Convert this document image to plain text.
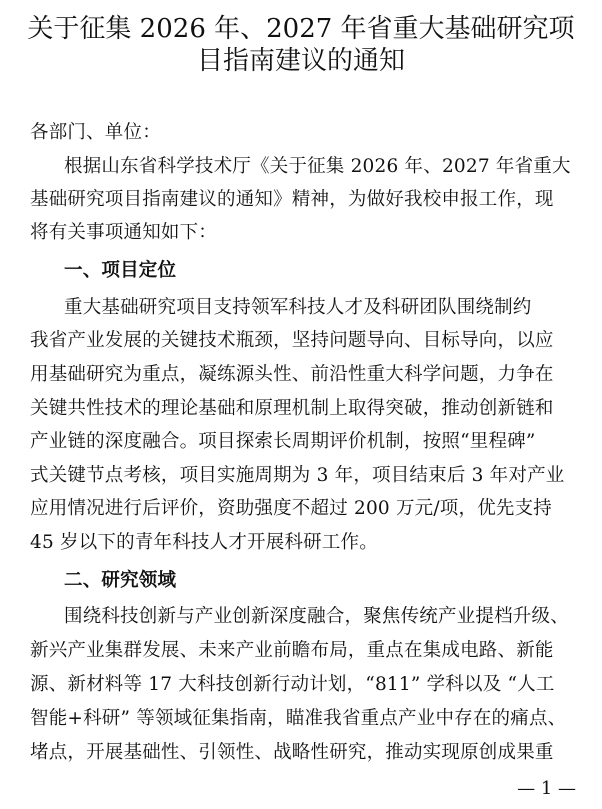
关于征集 2026 年、2027 年省重大基础研究项
目指南建议的通知

各部门、单位：

根据山东省科学技术厅《关于征集 2026 年、2027 年省重大

基础研究项目指南建议的通知》精神，为做好我校申报工作，现

将有关事项通知如下：

一、项目定位

重大基础研究项目支持领军科技人才及科研团队围绕制约

我省产业发展的关键技术瓶颈，坚持问题导向、目标导向，以应

用基础研究为重点，凝练源头性、前沿性重大科学问题，力争在

关键共性技术的理论基础和原理机制上取得突破，推动创新链和

产业链的深度融合。项目探索长周期评价机制，按照“里程碑”

式关键节点考核，项目实施周期为 3 年，项目结束后 3 年对产业

应用情况进行后评价，资助强度不超过 200 万元/项，优先支持

45 岁以下的青年科技人才开展科研工作。

二、研究领域

围绕科技创新与产业创新深度融合，聚焦传统产业提档升级、

新兴产业集群发展、未来产业前瞻布局，重点在集成电路、新能

源、新材料等 17 大科技创新行动计划，“811” 学科以及 “人工

智能+科研” 等领域征集指南，瞄准我省重点产业中存在的痛点、

堵点，开展基础性、引领性、战略性研究，推动实现原创成果重

— 1 —
